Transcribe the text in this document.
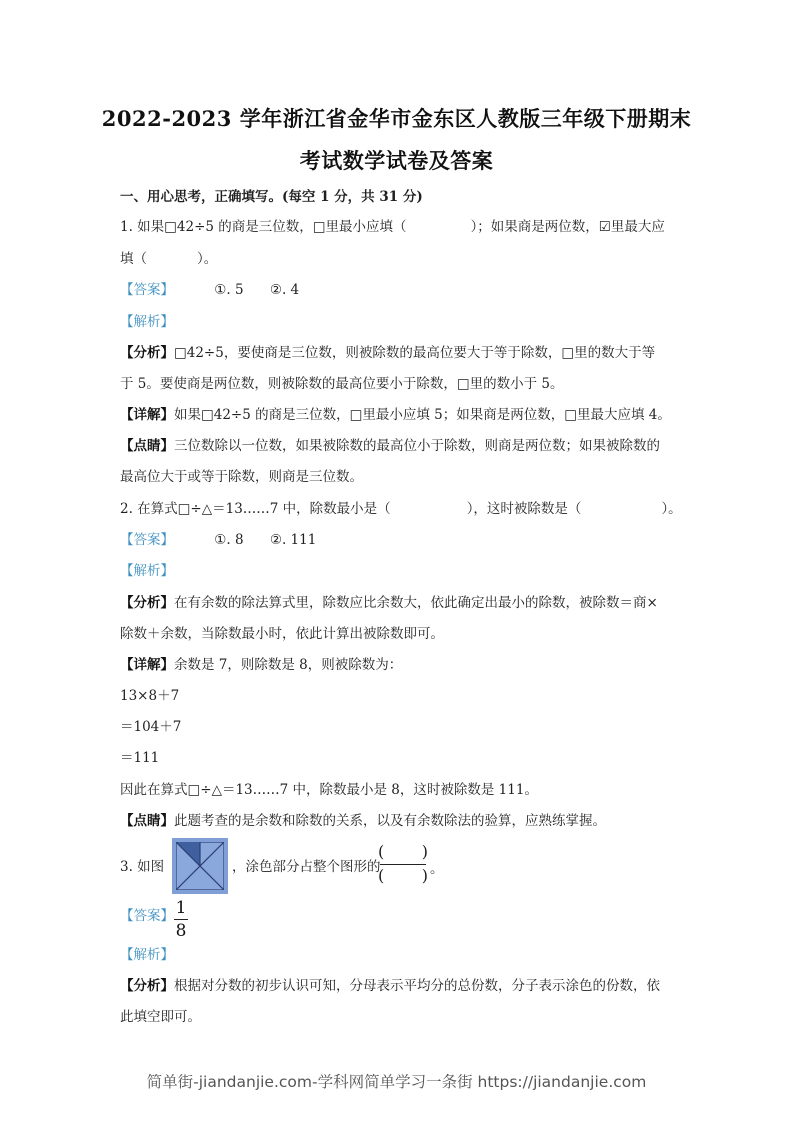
2022-2023 学年浙江省金华市金东区人教版三年级下册期末
考试数学试卷及答案
一、用心思考，正确填写。(每空 1 分，共 31 分)
1. 如果□42÷5 的商是三位数，□里最小应填（	）；如果商是两位数，☑里最大应
填（	）。
【答案】	①. 5 ②. 4
【解析】
【分析】□42÷5，要使商是三位数，则被除数的最高位要大于等于除数，□里的数大于等
于 5。要使商是两位数，则被除数的最高位要小于除数，□里的数小于 5。
【详解】如果□42÷5 的商是三位数，□里最小应填 5；如果商是两位数，□里最大应填 4。
【点睛】三位数除以一位数，如果被除数的最高位小于除数，则商是两位数；如果被除数的
最高位大于或等于除数，则商是三位数。
2. 在算式□÷△＝13……7 中，除数最小是（	），这时被除数是（	）。
【答案】	①. 8 ②. 111
【解析】
【分析】在有余数的除法算式里，除数应比余数大，依此确定出最小的除数，被除数＝商×
除数＋余数，当除数最小时，依此计算出被除数即可。
【详解】余数是 7，则除数是 8，则被除数为：
13×8＋7
＝104＋7
＝111
因此在算式□÷△＝13……7 中，除数最小是 8，这时被除数是 111。
【点睛】此题考查的是余数和除数的关系，以及有余数除法的验算，应熟练掌握。
3. 如图	，涂色部分占整个图形的
( )
( ) 。
【答案】 1
8
【解析】
【分析】根据对分数的初步认识可知，分母表示平均分的总份数，分子表示涂色的份数，依
此填空即可。
简单街-jiandanjie.com-学科网简单学习一条街 https://jiandanjie.com
